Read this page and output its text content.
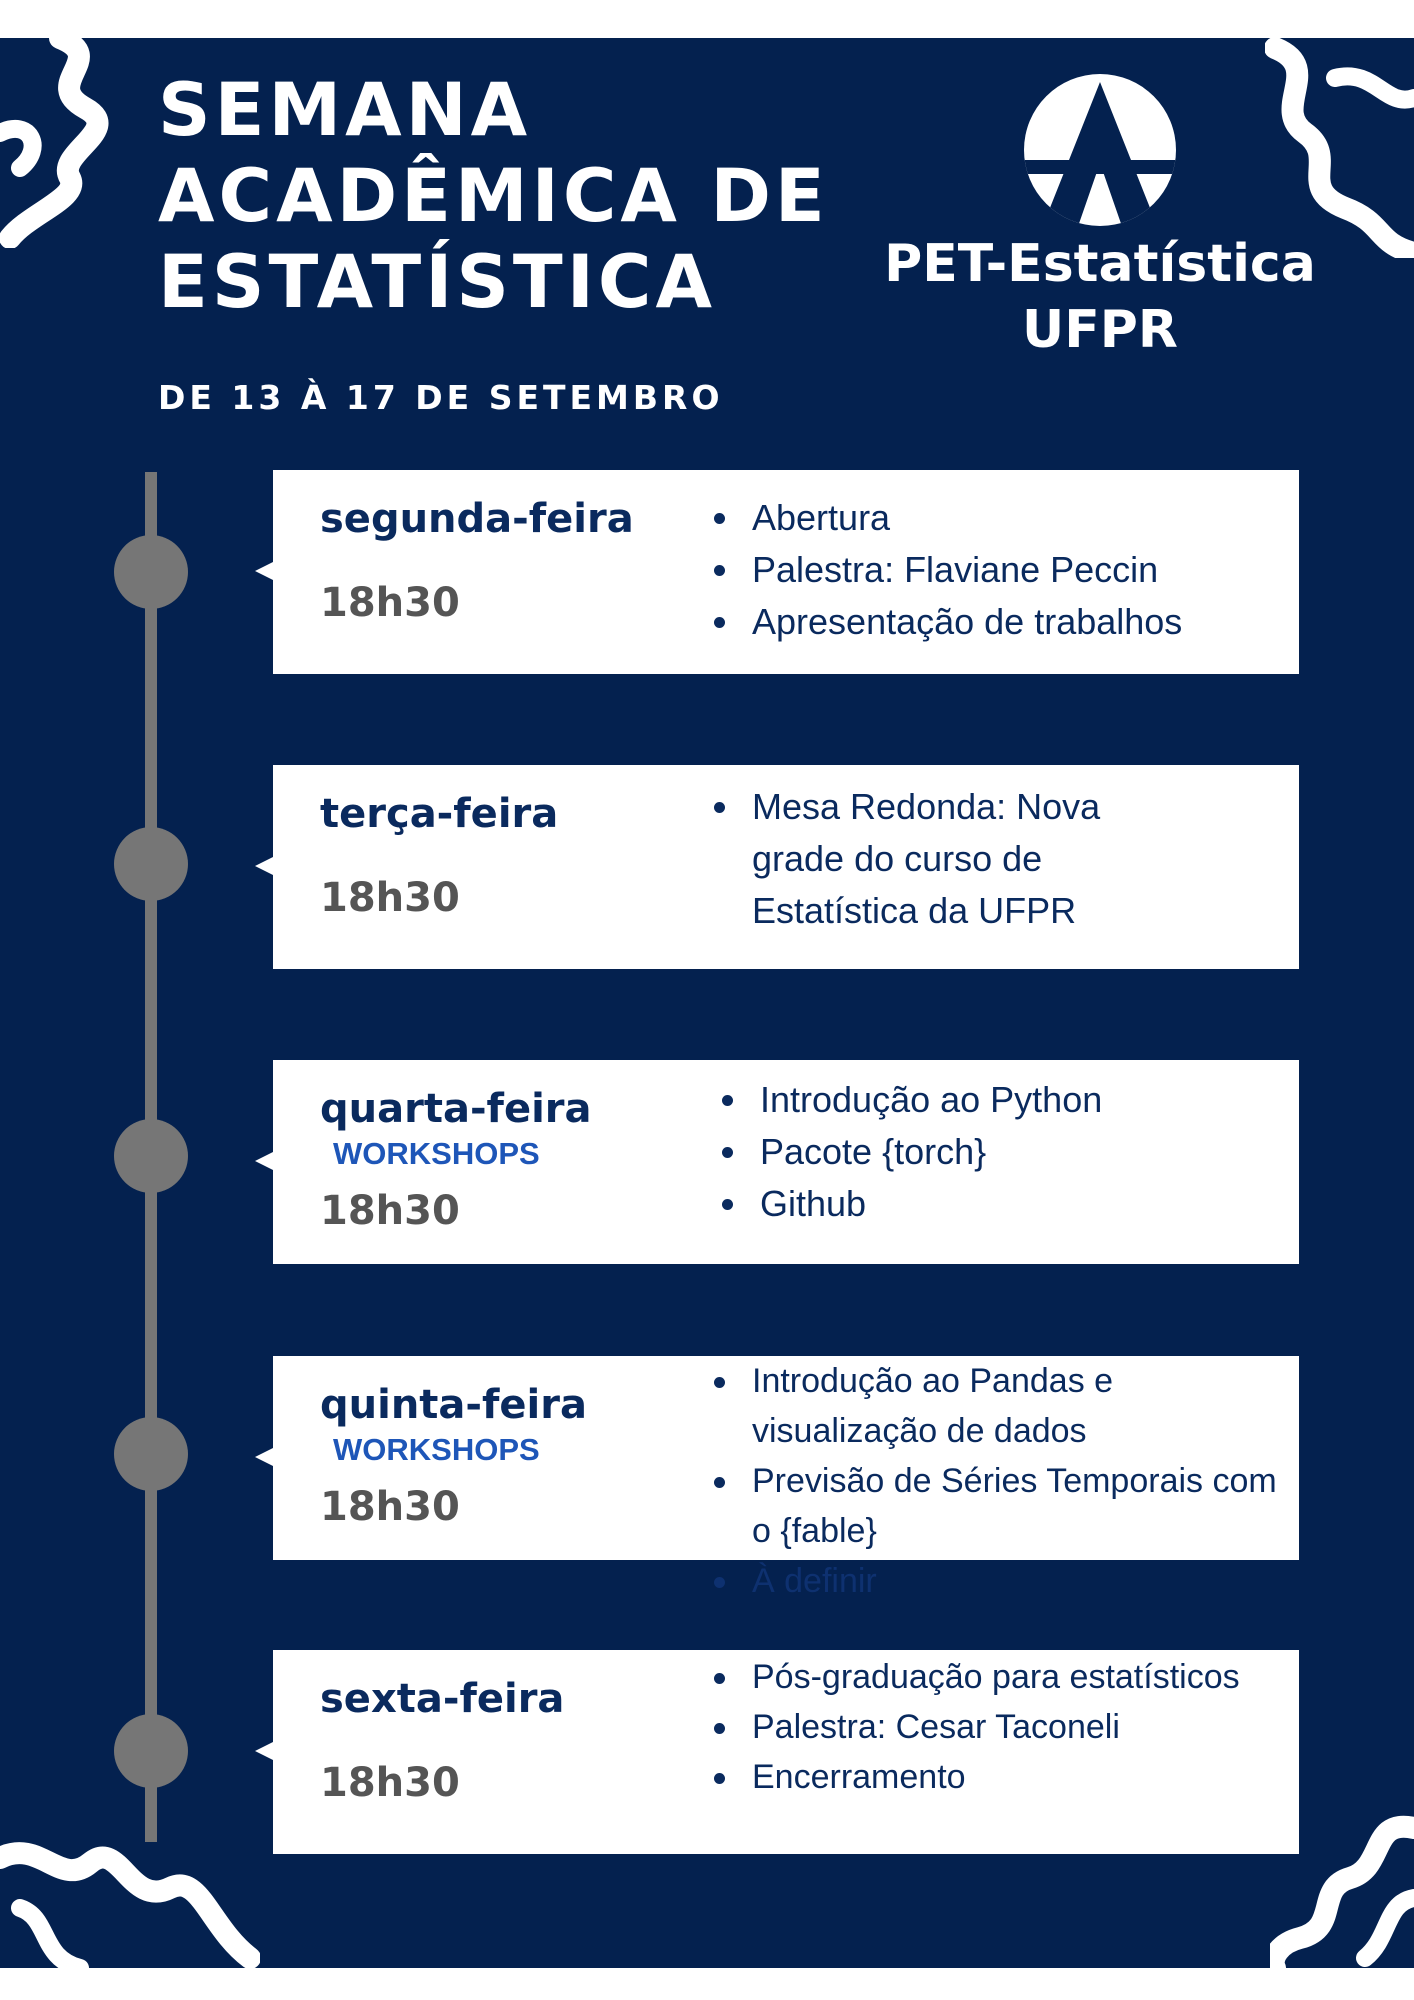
SEMANA
ACADÊMICA DE
ESTATÍSTICA
DE 13 À 17 DE SETEMBRO
PET-Estatística
UFPR
segunda-feira
18h30
Abertura
Palestra: Flaviane Peccin
Apresentação de trabalhos
terça-feira
18h30
Mesa Redonda: Nova grade do curso de Estatística da UFPR
quarta-feira
WORKSHOPS
18h30
Introdução ao Python
Pacote {torch}
Github
quinta-feira
WORKSHOPS
18h30
Introdução ao Pandas e visualização de dados
Previsão de Séries Temporais com o {fable}
À definir
sexta-feira
18h30
Pós-graduação para estatísticos
Palestra: Cesar Taconeli
Encerramento
